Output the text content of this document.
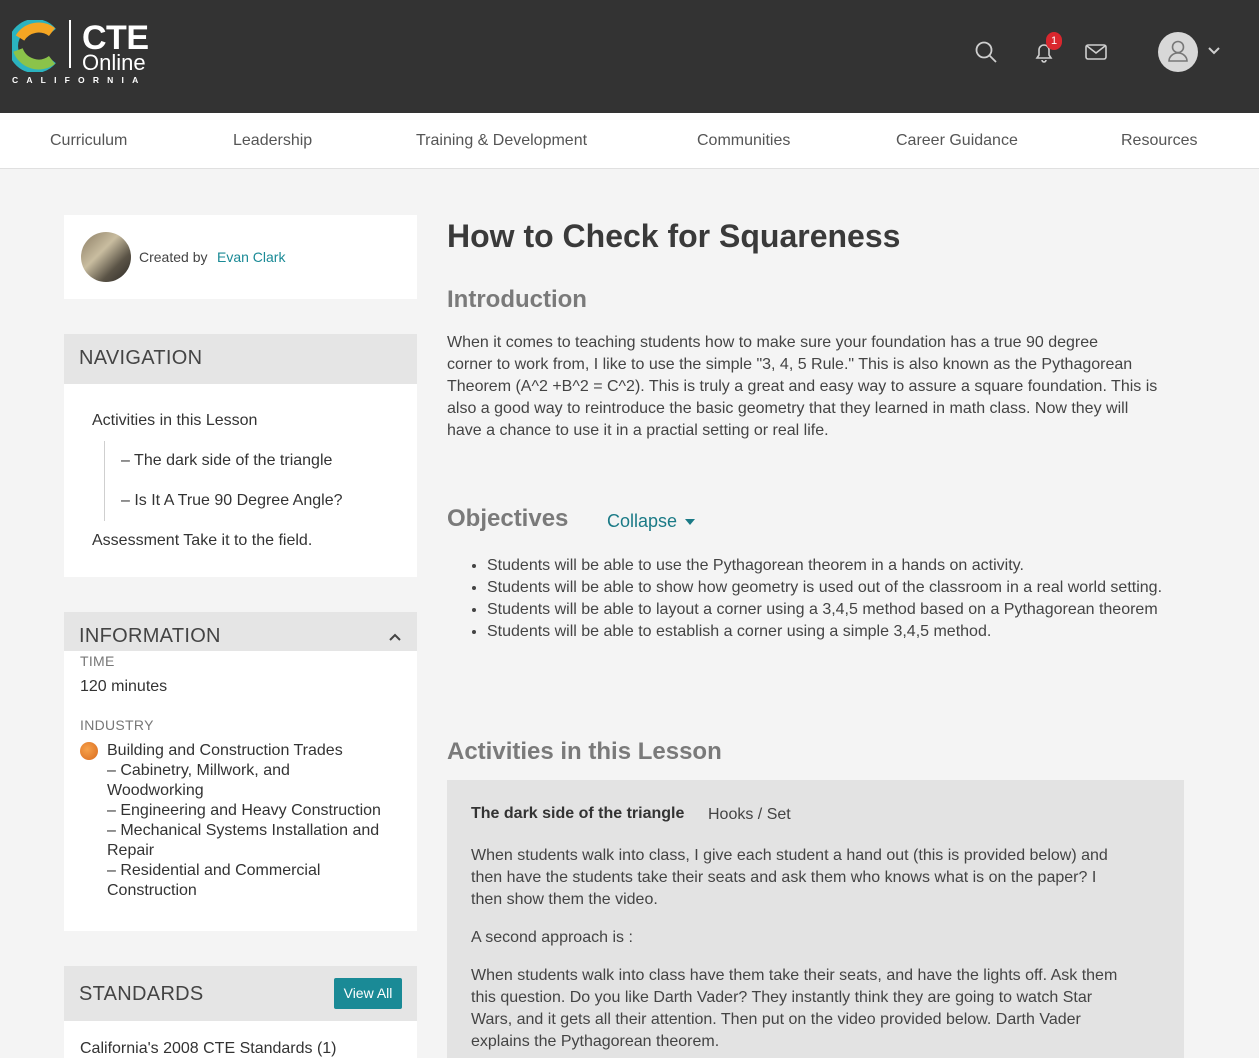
CTE
Online
CALIFORNIA
1
Curriculum	Leadership	Training & Development	Communities	Career Guidance	Resources
Created by Evan Clark
NAVIGATION
Activities in this Lesson
– The dark side of the triangle
– Is It A True 90 Degree Angle?
Assessment Take it to the field.
INFORMATION
TIME
120 minutes
INDUSTRY
Building and Construction Trades
– Cabinetry, Millwork, and
Woodworking
– Engineering and Heavy Construction
– Mechanical Systems Installation and
Repair
– Residential and Commercial
Construction
STANDARDS	View All
California's 2008 CTE Standards (1)
How to Check for Squareness
Introduction
When it comes to teaching students how to make sure your foundation has a true 90 degree
corner to work from, I like to use the simple "3, 4, 5 Rule." This is also known as the Pythagorean
Theorem (A^2 +B^2 = C^2). This is truly a great and easy way to assure a square foundation. This is
also a good way to reintroduce the basic geometry that they learned in math class. Now they will
have a chance to use it in a practial setting or real life.
Objectives Collapse
• Students will be able to use the Pythagorean theorem in a hands on activity.
• Students will be able to show how geometry is used out of the classroom in a real world setting.
• Students will be able to layout a corner using a 3,4,5 method based on a Pythagorean theorem
• Students will be able to establish a corner using a simple 3,4,5 method.
Activities in this Lesson
The dark side of the triangle Hooks / Set
When students walk into class, I give each student a hand out (this is provided below) and
then have the students take their seats and ask them who knows what is on the paper? I
then show them the video.
A second approach is :
When students walk into class have them take their seats, and have the lights off. Ask them
this question. Do you like Darth Vader? They instantly think they are going to watch Star
Wars, and it gets all their attention. Then put on the video provided below. Darth Vader
explains the Pythagorean theorem.
